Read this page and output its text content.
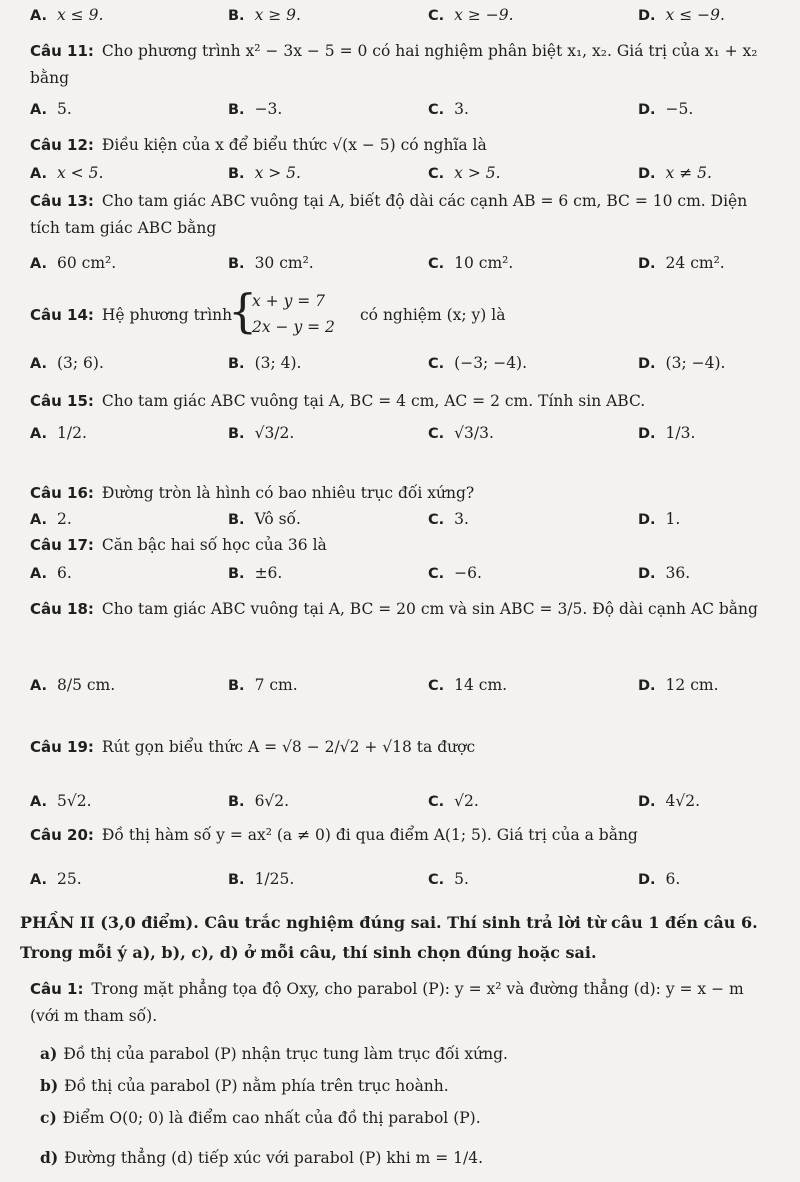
A. x ≤ 9.	B. x ≥ 9.	C. x ≥ −9.	D. x ≤ −9.
Câu 11: Cho phương trình x² − 3x − 5 = 0 có hai nghiệm phân biệt x₁, x₂. Giá trị của x₁ + x₂ bằng
A. 5.	B. −3.	C. 3.	D. −5.
Câu 12: Điều kiện của x để biểu thức √(x − 5) có nghĩa là
A. x < 5.	B. x > 5.	C. x > 5.	D. x ≠ 5.
Câu 13: Cho tam giác ABC vuông tại A, biết độ dài các cạnh AB = 6 cm, BC = 10 cm. Diện tích tam giác ABC bằng
A. 60 cm².	B. 30 cm².	C. 10 cm².	D. 24 cm².
Câu 14: Hệ phương trình
{
x + y = 7
2x − y = 2
có nghiệm (x; y) là
A. (3; 6).	B. (3; 4).	C. (−3; −4).	D. (3; −4).
Câu 15: Cho tam giác ABC vuông tại A, BC = 4 cm, AC = 2 cm. Tính sin ABC.
A. 1/2.	B. √3/2.	C. √3/3.	D. 1/3.
Câu 16: Đường tròn là hình có bao nhiêu trục đối xứng?
A. 2.	B. Vô số.	C. 3.	D. 1.
Câu 17: Căn bậc hai số học của 36 là
A. 6.	B. ±6.	C. −6.	D. 36.
Câu 18: Cho tam giác ABC vuông tại A, BC = 20 cm và sin ABC = 3/5. Độ dài cạnh AC bằng
A. 8/5 cm.	B. 7 cm.	C. 14 cm.	D. 12 cm.
Câu 19: Rút gọn biểu thức A = √8 − 2/√2 + √18 ta được
A. 5√2.	B. 6√2.	C. √2.	D. 4√2.
Câu 20: Đồ thị hàm số y = ax² (a ≠ 0) đi qua điểm A(1; 5). Giá trị của a bằng
A. 25.	B. 1/25.	C. 5.	D. 6.
PHẦN II (3,0 điểm). Câu trắc nghiệm đúng sai. Thí sinh trả lời từ câu 1 đến câu 6. Trong mỗi ý a), b), c), d) ở mỗi câu, thí sinh chọn đúng hoặc sai.
Câu 1: Trong mặt phẳng tọa độ Oxy, cho parabol (P): y = x² và đường thẳng (d): y = x − m (với m tham số).
a) Đồ thị của parabol (P) nhận trục tung làm trục đối xứng.
b) Đồ thị của parabol (P) nằm phía trên trục hoành.
c) Điểm O(0; 0) là điểm cao nhất của đồ thị parabol (P).
d) Đường thẳng (d) tiếp xúc với parabol (P) khi m = 1/4.
